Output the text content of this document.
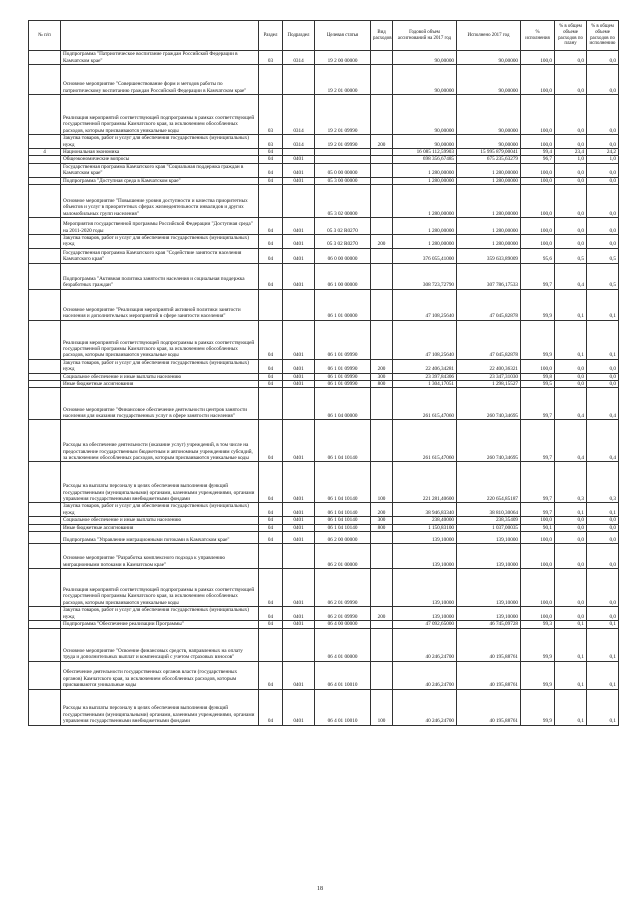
№ п/п		Раздел	Подраздел	Целевая статья	Вид расходов	Годовой объем ассигнований на 2017 год	Исполнено 2017 год	% исполнения	% в общем объеме расходов по плану	% в общем объеме расходов по исполнению
	Подпрограмма "Патриотическое воспитание граждан Российской Федерации в Камчатском крае"	03	0314	19 2 00 00000		90,00000	90,00000	100,0	0,0	0,0
	Основное мероприятие "Совершенствование форм и методов работы по патриотическому воспитанию граждан Российской Федерации в Камчатском крае"			19 2 01 00000		90,00000	90,00000	100,0	0,0	0,0
	Реализация мероприятий соответствующей подпрограммы в рамках соответствующей государственной программы Камчатского края, за исключением обособленных расходов, которым присваиваются уникальные коды	03	0314	19 2 01 09990		90,00000	90,00000	100,0	0,0	0,0
	Закупка товаров, работ и услуг для обеспечения государственных (муниципальных) нужд	03	0314	19 2 01 09990	200	90,00000	90,00000	100,0	0,0	0,0
4	Национальная экономика	04				16 085 112,59903	15 995 879,00041	99,4	23,4	24,2
	Общеэкономические вопросы	04	0401			698 356,67485	675 235,63279	96,7	1,0	1,0
	Государственная программа Камчатского края "Социальная поддержка граждан в Камчатском крае"	04	0401	05 0 00 00000		1 280,00000	1 280,00000	100,0	0,0	0,0
	Подпрограмма "Доступная среда в Камчатском крае"	04	0401	05 3 00 00000		1 280,00000	1 280,00000	100,0	0,0	0,0
	Основное мероприятие "Повышение уровня доступности и качества приоритетных объектов и услуг в приоритетных сферах жизнедеятельности инвалидов и других маломобильных групп населения"			05 3 02 00000		1 280,00000	1 280,00000	100,0	0,0	0,0
	Мероприятия государственной программы Российской Федерации "Доступная среда" на 2011-2020 годы	04	0401	05 3 02 R0270		1 280,00000	1 280,00000	100,0	0,0	0,0
	Закупка товаров, работ и услуг для обеспечения государственных (муниципальных) нужд	04	0401	05 3 02 R0270	200	1 280,00000	1 280,00000	100,0	0,0	0,0
	Государственная программа Камчатского края "Содействие занятости населения Камчатского края"	04	0401	06 0 00 00000		376 055,41000	359 633,89009	95,6	0,5	0,5
	Подпрограмма "Активная политика занятости населения и социальная поддержка безработных граждан"	04	0401	06 1 00 00000		308 723,72790	307 786,17533	99,7	0,4	0,5
	Основное мероприятие "Реализация мероприятий активной политики занятости населения и дополнительных мероприятий в сфере занятости населения"			06 1 01 00000		47 108,25640	47 045,82878	99,9	0,1	0,1
	Реализация мероприятий соответствующей подпрограммы в рамках соответствующей государственной программы Камчатского края, за исключением обособленных расходов, которым присваиваются уникальные коды	04	0401	06 1 01 09990		47 108,25640	47 045,82878	99,9	0,1	0,1
	Закупка товаров, работ и услуг для обеспечения государственных (муниципальных) нужд	04	0401	06 1 01 09990	200	22 406,34281	22 400,36321	100,0	0,0	0,0
	Социальное обеспечение и иные выплаты населению	04	0401	06 1 01 09990	300	23 397,84306	23 347,31030	99,8	0,0	0,0
	Иные бюджетные ассигнования	04	0401	06 1 01 09990	800	1 304,17051	1 298,15527	99,5	0,0	0,0
	Основное мероприятие "Финансовое обеспечение деятельности центров занятости населения для оказания государственных услуг в сфере занятости населения"			06 1 04 00000		261 615,47060	260 740,34695	99,7	0,4	0,4
	Расходы на обеспечение деятельности (оказание услуг) учреждений, в том числе на предоставление государственным бюджетным и автономным учреждениям субсидий, за исключением обособленных расходов, которым присваиваются уникальные коды	04	0401	06 1 04 10140		261 615,47060	260 740,34695	99,7	0,4	0,4
	Расходы на выплаты персоналу в целях обеспечения выполнения функций государственными (муниципальными) органами, казенными учреждениями, органами управления государственными внебюджетными фондами	04	0401	06 1 04 10140	100	221 281,40600	220 654,85187	99,7	0,3	0,3
	Закупка товаров, работ и услуг для обеспечения государственных (муниципальных) нужд	04	0401	06 1 04 10140	200	38 946,83340	38 810,30064	99,7	0,1	0,1
	Социальное обеспечение и иные выплаты населению	04	0401	06 1 04 10140	300	238,40000	238,35409	100,0	0,0	0,0
	Иные бюджетные ассигнования	04	0401	06 1 04 10140	800	1 150,83100	1 037,00035	90,1	0,0	0,0
	Подпрограмма "Управление миграционными потоками в Камчатском крае"	04	0401	06 2 00 00000		139,10000	139,10000	100,0	0,0	0,0
	Основное мероприятие "Разработка комплексного подхода к управлению миграционными потоками в Камчатском крае"			06 2 01 00000		139,10000	139,10000	100,0	0,0	0,0
	Реализация мероприятий соответствующей подпрограммы в рамках соответствующей государственной программы Камчатского края, за исключением обособленных расходов, которым присваиваются уникальные коды	04	0401	06 2 01 09990		139,10000	139,10000	100,0	0,0	0,0
	Закупка товаров, работ и услуг для обеспечения государственных (муниципальных) нужд	04	0401	06 2 01 09990	200	139,10000	139,10000	100,0	0,0	0,0
	Подпрограмма "Обеспечение реализации Программы"	04	0401	06 4 00 00000		47 092,65000	46 745,09728	99,3	0,1	0,1
	Основное мероприятие "Освоение финансовых средств, направленных на оплату труда и дополнительных выплат и компенсаций с учетом страховых взносов"			06 4 01 00000		40 246,24700	40 195,88761	99,9	0,1	0,1
	Обеспечение деятельности государственных органов власти (государственных органов) Камчатского края, за исключением обособленных расходов, которым присваиваются уникальные коды	04	0401	06 4 01 10010		40 246,24700	40 195,88761	99,9	0,1	0,1
	Расходы на выплаты персоналу в целях обеспечения выполнения функций государственными (муниципальными) органами, казенными учреждениями, органами управления государственными внебюджетными фондами	04	0401	06 4 01 10010	100	40 246,24700	40 195,88761	99,9	0,1	0,1
18
